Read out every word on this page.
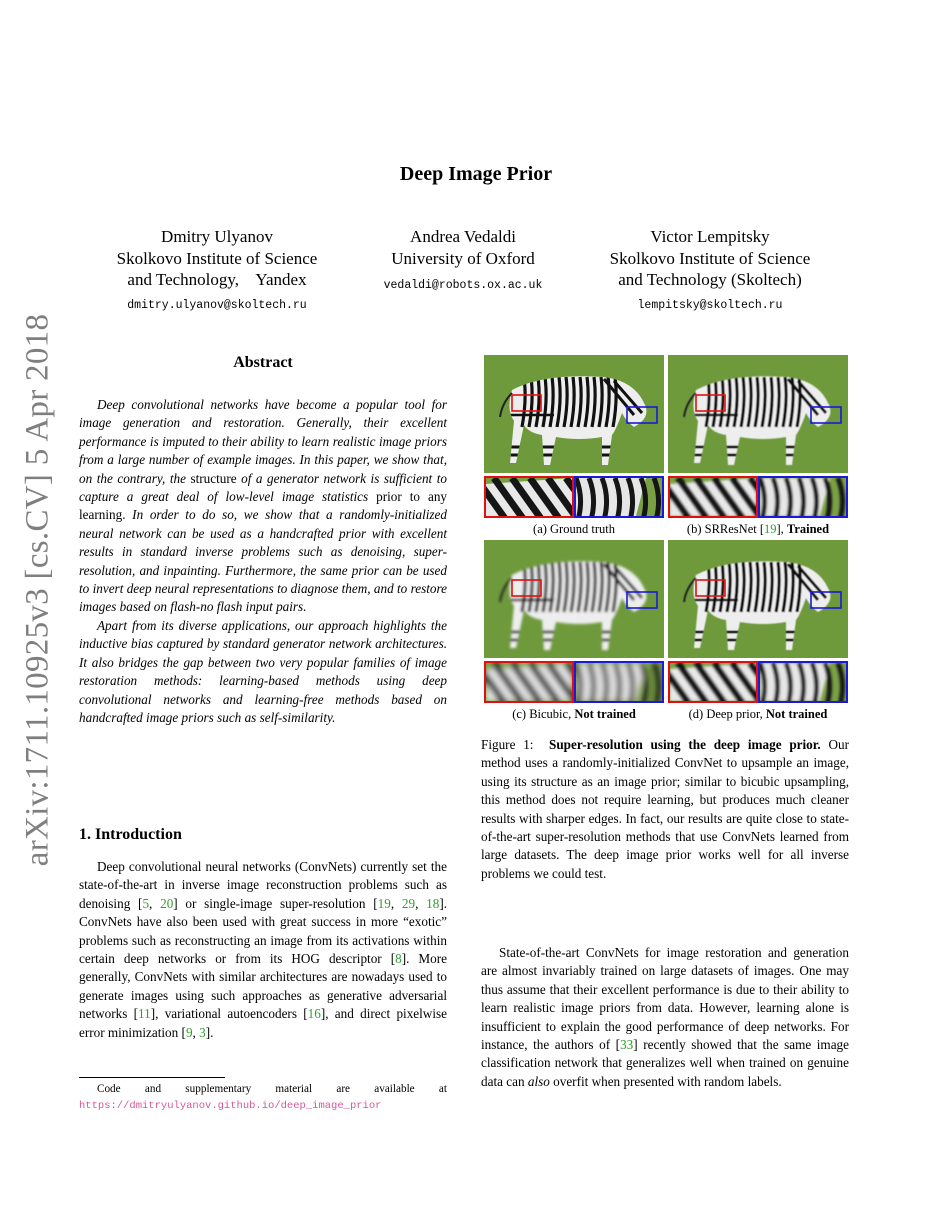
arXiv:1711.10925v3 [cs.CV] 5 Apr 2018
Deep Image Prior
Dmitry Ulyanov
Skolkovo Institute of Science
and Technology,    Yandex
dmitry.ulyanov@skoltech.ru
Andrea Vedaldi
University of Oxford
vedaldi@robots.ox.ac.uk
Victor Lempitsky
Skolkovo Institute of Science
and Technology (Skoltech)
lempitsky@skoltech.ru
Abstract

Deep convolutional networks have become a popular tool for image generation and restoration. Generally, their excellent performance is imputed to their ability to learn realistic image priors from a large number of example images. In this paper, we show that, on the contrary, the structure of a generator network is sufficient to capture a great deal of low-level image statistics prior to any learning. In order to do so, we show that a randomly-initialized neural network can be used as a handcrafted prior with excellent results in standard inverse problems such as denoising, super-resolution, and inpainting. Furthermore, the same prior can be used to invert deep neural representations to diagnose them, and to restore images based on flash-no flash input pairs.

Apart from its diverse applications, our approach highlights the inductive bias captured by standard generator network architectures. It also bridges the gap between two very popular families of image restoration methods: learning-based methods using deep convolutional networks and learning-free methods based on handcrafted image priors such as self-similarity.

1. Introduction

Deep convolutional neural networks (ConvNets) currently set the state-of-the-art in inverse image reconstruction problems such as denoising [5, 20] or single-image super-resolution [19, 29, 18]. ConvNets have also been used with great success in more “exotic” problems such as reconstructing an image from its activations within certain deep networks or from its HOG descriptor [8]. More generally, ConvNets with similar architectures are nowadays used to generate images using such approaches as generative adversarial networks [11], variational autoencoders [16], and direct pixelwise error minimization [9, 3].

Code and supplementary material are available at https://dmitryulyanov.github.io/deep_image_prior
(a) Ground truth	(b) SRResNet [19], Trained
(c) Bicubic, Not trained	(d) Deep prior, Not trained
Figure 1:  Super-resolution using the deep image prior. Our method uses a randomly-initialized ConvNet to upsample an image, using its structure as an image prior; similar to bicubic upsampling, this method does not require learning, but produces much cleaner results with sharper edges. In fact, our results are quite close to state-of-the-art super-resolution methods that use ConvNets learned from large datasets. The deep image prior works well for all inverse problems we could test.

State-of-the-art ConvNets for image restoration and generation are almost invariably trained on large datasets of images. One may thus assume that their excellent performance is due to their ability to learn realistic image priors from data. However, learning alone is insufficient to explain the good performance of deep networks. For instance, the authors of [33] recently showed that the same image classification network that generalizes well when trained on genuine data can also overfit when presented with random labels.
